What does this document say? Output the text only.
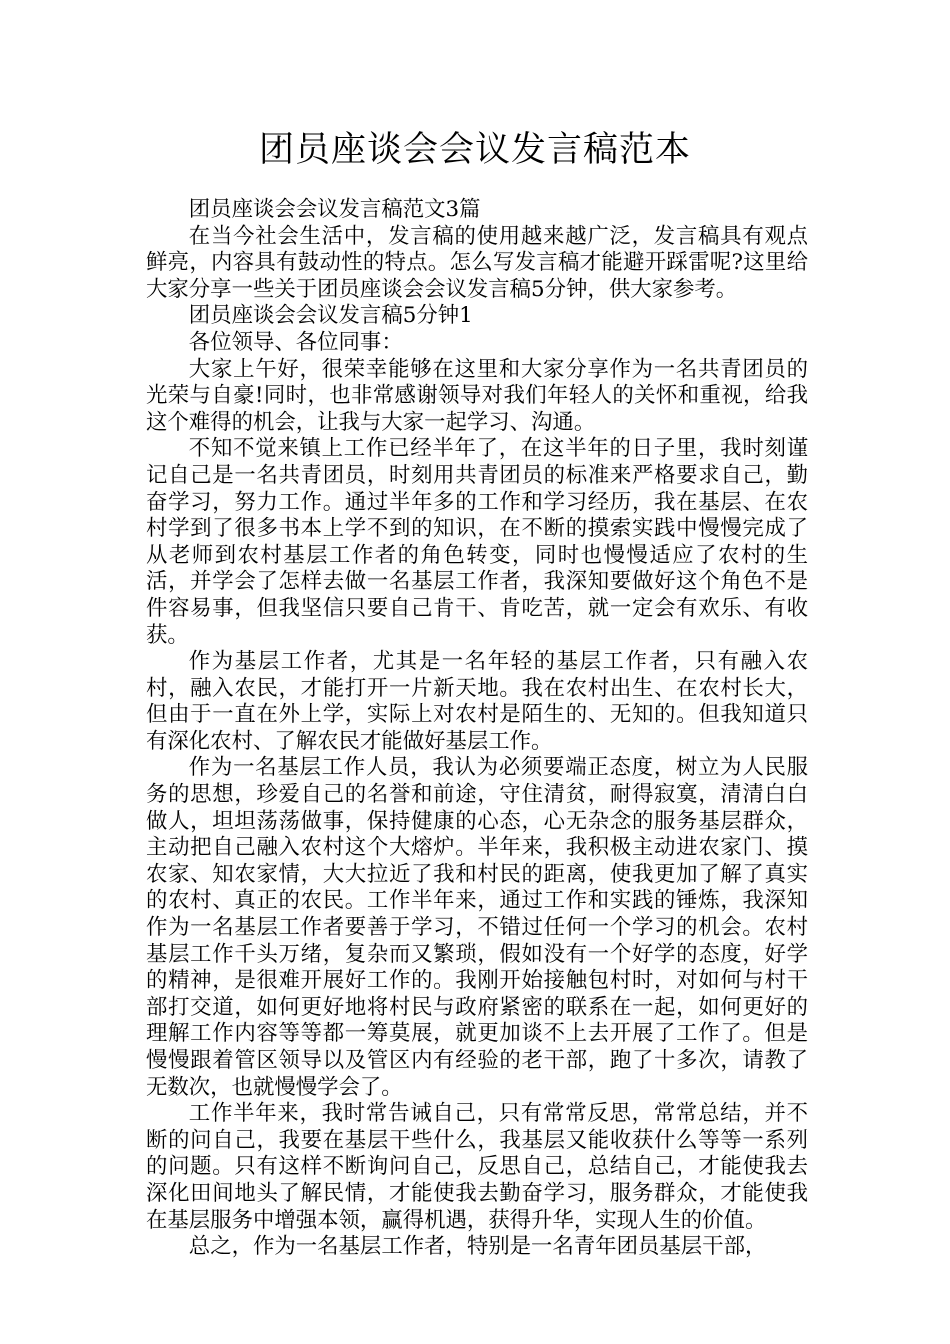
团员座谈会会议发言稿范本

团员座谈会会议发言稿范文3篇

在当今社会生活中，发言稿的使用越来越广泛，发言稿具有观点鲜亮，内容具有鼓动性的特点。怎么写发言稿才能避开踩雷呢?这里给大家分享一些关于团员座谈会会议发言稿5分钟，供大家参考。

团员座谈会会议发言稿5分钟1

各位领导、各位同事：

大家上午好，很荣幸能够在这里和大家分享作为一名共青团员的光荣与自豪!同时，也非常感谢领导对我们年轻人的关怀和重视，给我这个难得的机会，让我与大家一起学习、沟通。

不知不觉来镇上工作已经半年了，在这半年的日子里，我时刻谨记自己是一名共青团员，时刻用共青团员的标准来严格要求自己，勤奋学习，努力工作。通过半年多的工作和学习经历，我在基层、在农村学到了很多书本上学不到的知识，在不断的摸索实践中慢慢完成了从老师到农村基层工作者的角色转变，同时也慢慢适应了农村的生活，并学会了怎样去做一名基层工作者，我深知要做好这个角色不是件容易事，但我坚信只要自己肯干、肯吃苦，就一定会有欢乐、有收获。

作为基层工作者，尤其是一名年轻的基层工作者，只有融入农村，融入农民，才能打开一片新天地。我在农村出生、在农村长大，但由于一直在外上学，实际上对农村是陌生的、无知的。但我知道只有深化农村、了解农民才能做好基层工作。

作为一名基层工作人员，我认为必须要端正态度，树立为人民服务的思想，珍爱自己的名誉和前途，守住清贫，耐得寂寞，清清白白做人，坦坦荡荡做事，保持健康的心态，心无杂念的服务基层群众，主动把自己融入农村这个大熔炉。半年来，我积极主动进农家门、摸农家、知农家情，大大拉近了我和村民的距离，使我更加了解了真实的农村、真正的农民。工作半年来，通过工作和实践的锤炼，我深知作为一名基层工作者要善于学习，不错过任何一个学习的机会。农村基层工作千头万绪，复杂而又繁琐，假如没有一个好学的态度，好学的精神，是很难开展好工作的。我刚开始接触包村时，对如何与村干部打交道，如何更好地将村民与政府紧密的联系在一起，如何更好的理解工作内容等等都一筹莫展，就更加谈不上去开展了工作了。但是慢慢跟着管区领导以及管区内有经验的老干部，跑了十多次，请教了无数次，也就慢慢学会了。

工作半年来，我时常告诫自己，只有常常反思，常常总结，并不断的问自己，我要在基层干些什么，我基层又能收获什么等等一系列的问题。只有这样不断询问自己，反思自己，总结自己，才能使我去深化田间地头了解民情，才能使我去勤奋学习，服务群众，才能使我在基层服务中增强本领，赢得机遇，获得升华，实现人生的价值。

总之，作为一名基层工作者，特别是一名青年团员基层干部，
